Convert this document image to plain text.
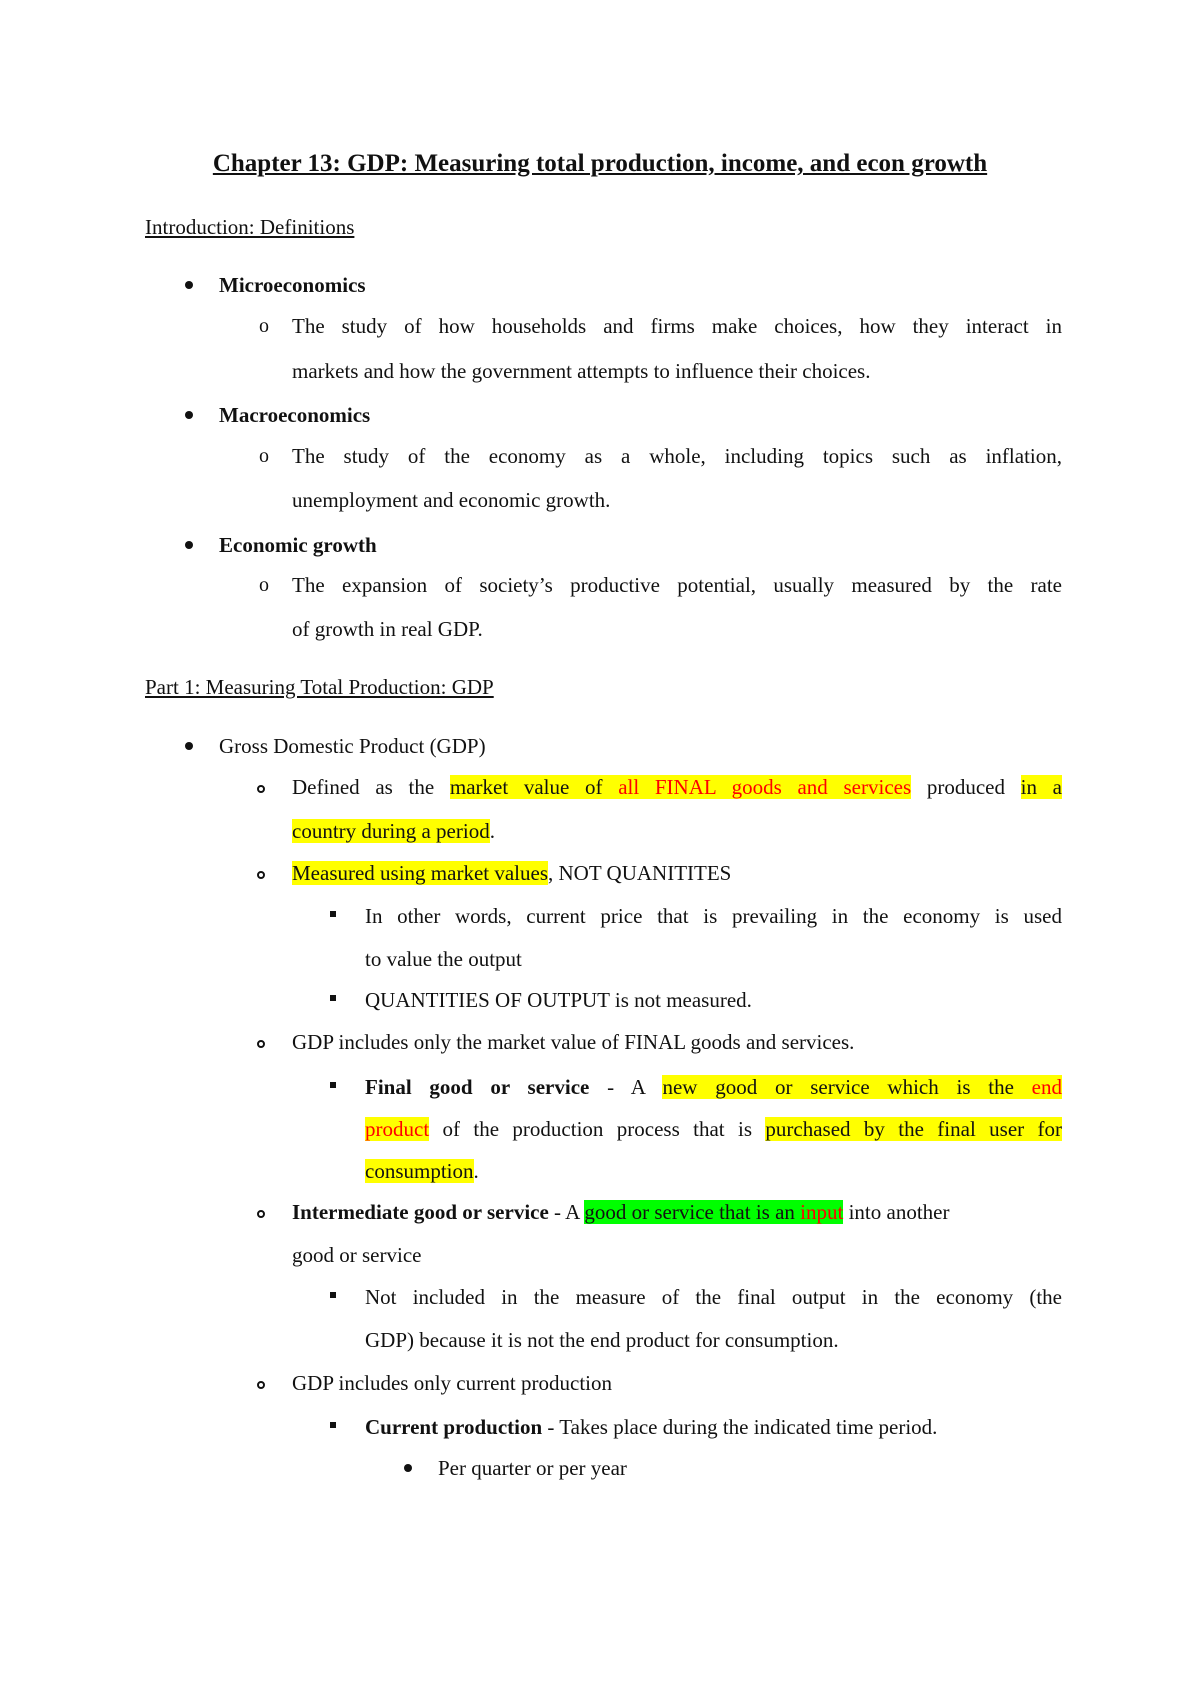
Chapter 13: GDP: Measuring total production, income, and econ growth
Introduction: Definitions
Microeconomics
o The study of how households and firms make choices, how they interact in
markets and how the government attempts to influence their choices.
Macroeconomics
o The study of the economy as a whole, including topics such as inflation,
unemployment and economic growth.
Economic growth
o The expansion of society’s productive potential, usually measured by the rate
of growth in real GDP.
Part 1: Measuring Total Production: GDP
Gross Domestic Product (GDP)
Defined as the market value of all FINAL goods and services produced in a
country during a period.
Measured using market values, NOT QUANITITES
In other words, current price that is prevailing in the economy is used
to value the output
QUANTITIES OF OUTPUT is not measured.
GDP includes only the market value of FINAL goods and services.
Final good or service - A new good or service which is the end
product of the production process that is purchased by the final user for
consumption.
Intermediate good or service - A good or service that is an input into another
good or service
Not included in the measure of the final output in the economy (the
GDP) because it is not the end product for consumption.
GDP includes only current production
Current production - Takes place during the indicated time period.
Per quarter or per year
